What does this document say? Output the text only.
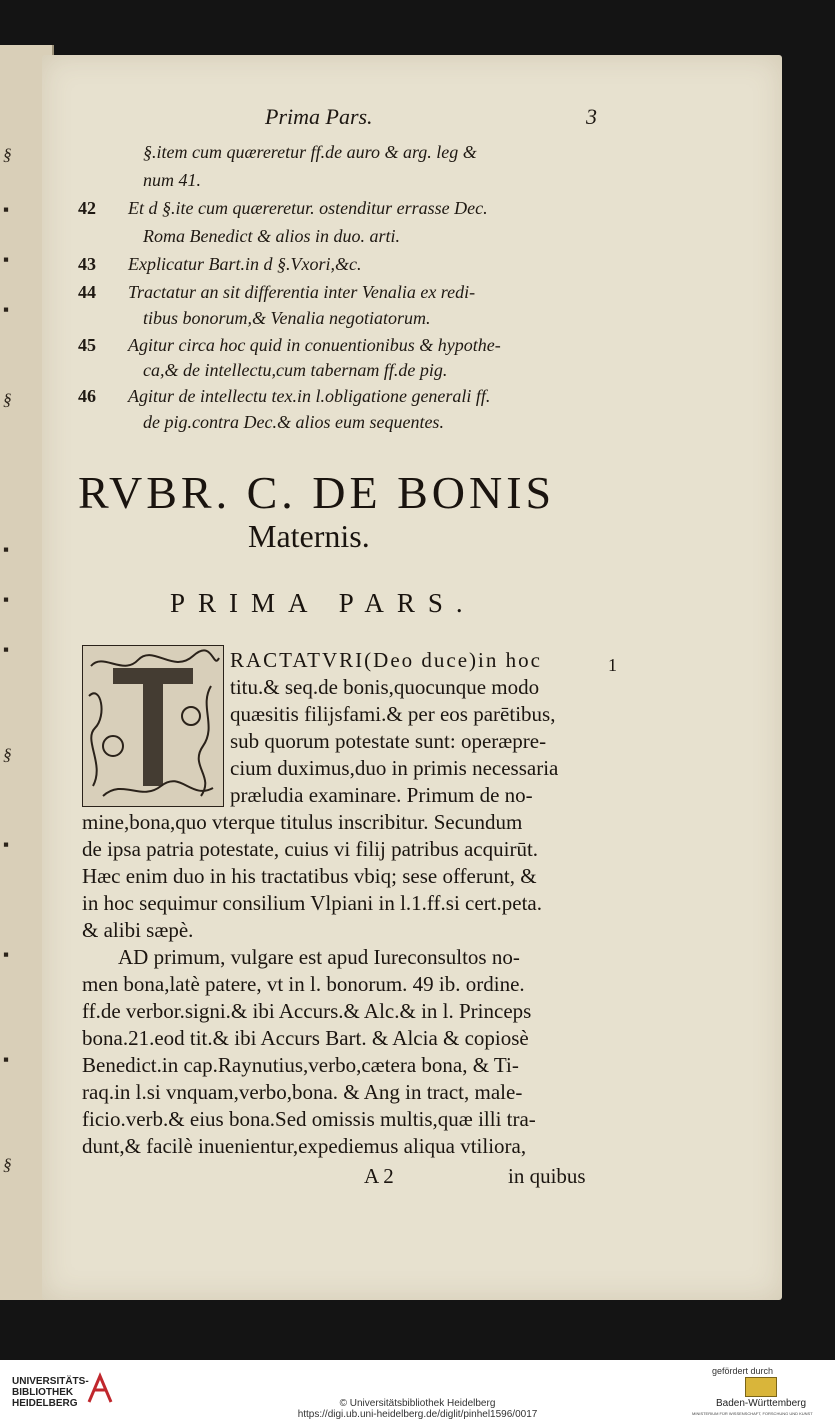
§
▪
▪
▪
§
▪
▪
▪
§
▪
▪
▪
§
Prima Pars.	3
§.item cum quæreretur ff.de auro & arg. leg &
num 41.
42 Et d §.ite cum quæreretur. ostenditur errasse Dec.
Roma Benedict & alios in duo. arti.
43 Explicatur Bart.in d §.Vxori,&c.
44 Tractatur an sit differentia inter Venalia ex redi-
tibus bonorum,& Venalia negotiatorum.
45 Agitur circa hoc quid in conuentionibus & hypothe-
ca,& de intellectu,cum tabernam ff.de pig.
46 Agitur de intellectu tex.in l.obligatione generali ff.
de pig.contra Dec.& alios eum sequentes.
RVBR. C. DE BONIS
Maternis.
PRIMA PARS.
1
RACTATVRI(Deo duce)in hoc
titu.& seq.de bonis,quocunque modo
quæsitis filijsfami.& per eos parētibus,
sub quorum potestate sunt: operæpre-
cium duximus,duo in primis necessaria
præludia examinare. Primum de no-
mine,bona,quo vterque titulus inscribitur. Secundum
de ipsa patria potestate, cuius vi filij patribus acquirūt.
Hæc enim duo in his tractatibus vbiq; sese offerunt, &
in hoc sequimur consilium Vlpiani in l.1.ff.si cert.peta.
& alibi sæpè.
AD primum, vulgare est apud Iureconsultos no-
men bona,latè patere, vt in l. bonorum. 49 ib. ordine.
ff.de verbor.signi.& ibi Accurs.& Alc.& in l. Princeps
bona.21.eod tit.& ibi Accurs Bart. & Alcia & copiosè
Benedict.in cap.Raynutius,verbo,cætera bona, & Ti-
raq.in l.si vnquam,verbo,bona. & Ang in tract, male-
ficio.verb.& eius bona.Sed omissis multis,quæ illi tra-
dunt,& facilè inuenientur,expediemus aliqua vtiliora,
A 2	in quibus
UNIVERSITÄTS-
BIBLIOTHEK
HEIDELBERG	© Universitätsbibliothek Heidelberg
https://digi.ub.uni-heidelberg.de/diglit/pinhel1596/0017
gefördert durch
Baden-Württemberg
MINISTERIUM FÜR WISSENSCHAFT, FORSCHUNG UND KUNST
